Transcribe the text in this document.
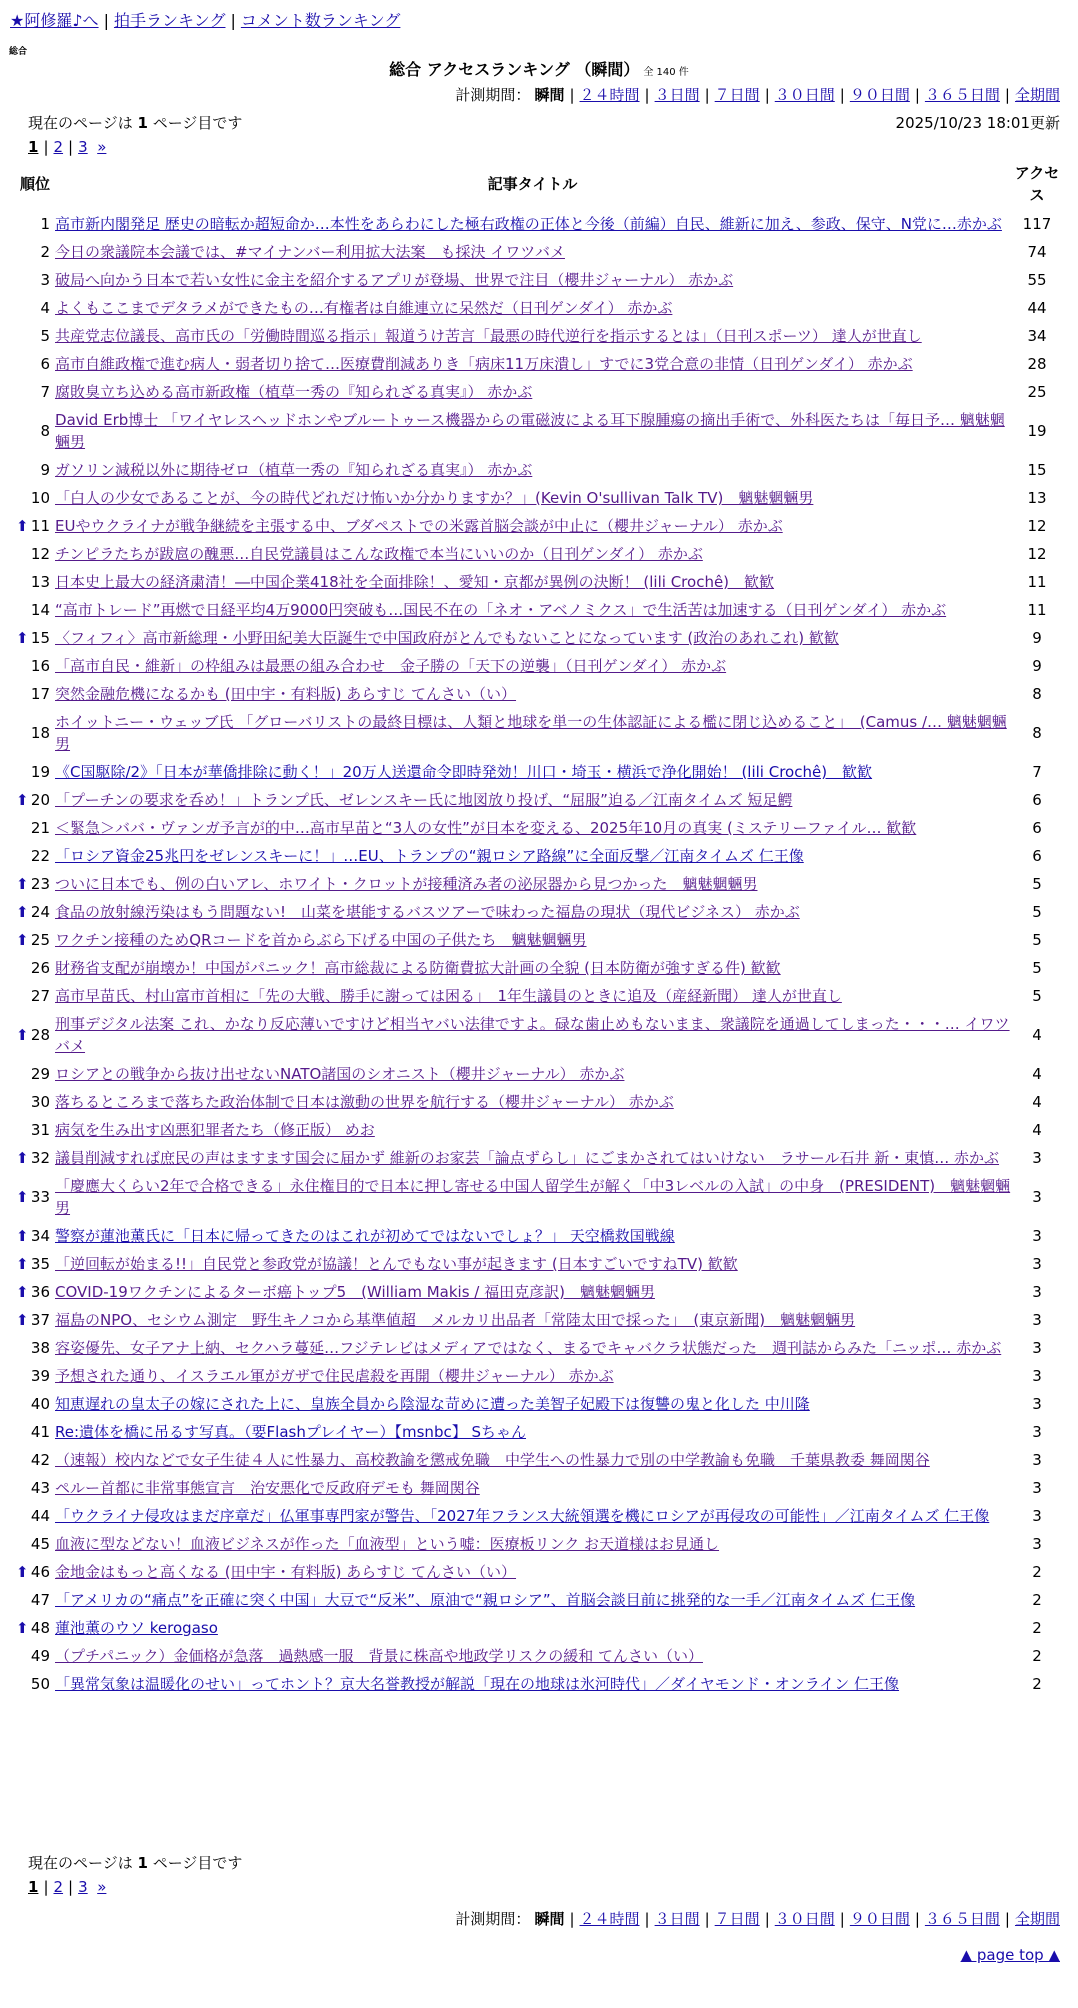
★阿修羅♪へ | 拍手ランキング | コメント数ランキング
総合
総合 アクセスランキング （瞬間） 全 140 件
計測期間： 瞬間 | ２４時間 | ３日間 | ７日間 | ３０日間 | ９０日間 | ３６５日間 | 全期間
現在のページは 1 ページ目です	2025/10/23 18:01更新
1 | 2 | 3 »
順位		記事タイトル	アクセス
	1	高市新内閣発足 歴史の暗転か超短命か…本性をあらわにした極右政権の正体と今後（前編）自民、維新に加え、参政、保守、N党に…赤かぶ	117
	2	今日の衆議院本会議では、#マイナンバー利用拡大法案　も採決 イワツバメ	74
	3	破局へ向かう日本で若い女性に金主を紹介するアプリが登場、世界で注目（櫻井ジャーナル） 赤かぶ	55
	4	よくもここまでデタラメができたもの…有権者は自維連立に呆然だ（日刊ゲンダイ） 赤かぶ	44
	5	共産党志位議長、高市氏の「労働時間巡る指示」報道うけ苦言「最悪の時代逆行を指示するとは」（日刊スポーツ） 達人が世直し	34
	6	高市自維政権で進む病人・弱者切り捨て…医療費削減ありき「病床11万床潰し」すでに3党合意の非情（日刊ゲンダイ） 赤かぶ	28
	7	腐敗臭立ち込める高市新政権（植草一秀の『知られざる真実』） 赤かぶ	25
	8	David Erb博士 「ワイヤレスヘッドホンやブルートゥース機器からの電磁波による耳下腺腫瘍の摘出手術で、外科医たちは「毎日予… 魑魅魍魎男	19
	9	ガソリン減税以外に期待ゼロ（植草一秀の『知られざる真実』） 赤かぶ	15
	10	「白人の少女であることが、今の時代どれだけ怖いか分かりますか？」(Kevin O'sullivan Talk TV)　魑魅魍魎男	13
⬆	11	EUやウクライナが戦争継続を主張する中、ブダペストでの米露首脳会談が中止に（櫻井ジャーナル） 赤かぶ	12
	12	チンピラたちが跋扈の醜悪…自民党議員はこんな政権で本当にいいのか（日刊ゲンダイ） 赤かぶ	12
	13	日本史上最大の経済粛清！―中国企業418社を全面排除！、愛知・京都が異例の決断！ (lili Crochê)　歓歓	11
	14	“高市トレード”再燃で日経平均4万9000円突破も…国民不在の「ネオ・アベノミクス」で生活苦は加速する（日刊ゲンダイ） 赤かぶ	11
⬆	15	〈フィフィ〉高市新総理・小野田紀美大臣誕生で中国政府がとんでもないことになっています (政治のあれこれ) 歓歓	9
	16	「高市自民・維新」の枠組みは最悪の組み合わせ　金子勝の「天下の逆襲」（日刊ゲンダイ） 赤かぶ	9
	17	突然金融危機になるかも (田中宇・有料版) あらすじ てんさい（い）	8
	18	ホイットニー・ウェッブ氏 「グローバリストの最終目標は、人類と地球を単一の生体認証による檻に閉じ込めること」　(Camus /… 魑魅魍魎男	8
	19	《C国駆除/2》「日本が華僑排除に動く！」20万人送還命令即時発効！川口・埼玉・横浜で浄化開始！ (lili Crochê)　歓歓	7
⬆	20	「プーチンの要求を呑め！」トランプ氏、ゼレンスキー氏に地図放り投げ、“屈服”迫る／江南タイムズ 短足鰐	6
	21	＜緊急＞ババ・ヴァンガ予言が的中…高市早苗と“3人の女性”が日本を変える、2025年10月の真実 (ミステリーファイル… 歓歓	6
	22	「ロシア資金25兆円をゼレンスキーに！」…EU、トランプの“親ロシア路線”に全面反撃／江南タイムズ 仁王像	6
⬆	23	ついに日本でも、例の白いアレ、ホワイト・クロットが接種済み者の泌尿器から見つかった　魑魅魍魎男	5
⬆	24	食品の放射線汚染はもう問題ない!　山菜を堪能するバスツアーで味わった福島の現状（現代ビジネス） 赤かぶ	5
⬆	25	ワクチン接種のためQRコードを首からぶら下げる中国の子供たち　魑魅魍魎男	5
	26	財務省支配が崩壊か！中国がパニック！高市総裁による防衛費拡大計画の全貌 (日本防衛が強すぎる件) 歓歓	5
	27	高市早苗氏、村山富市首相に「先の大戦、勝手に謝っては困る」　1年生議員のときに追及（産経新聞） 達人が世直し	5
⬆	28	刑事デジタル法案 これ、かなり反応薄いですけど相当ヤバい法律ですよ。碌な歯止めもないまま、衆議院を通過してしまった・・・… イワツバメ	4
	29	ロシアとの戦争から抜け出せないNATO諸国のシオニスト（櫻井ジャーナル） 赤かぶ	4
	30	落ちるところまで落ちた政治体制で日本は激動の世界を航行する（櫻井ジャーナル） 赤かぶ	4
	31	病気を生み出す凶悪犯罪者たち（修正版） めお	4
⬆	32	議員削減すれば庶民の声はますます国会に届かず 維新のお家芸「論点ずらし」にごまかされてはいけない　ラサール石井 新・東慎… 赤かぶ	3
⬆	33	「慶應大くらい2年で合格できる」永住権目的で日本に押し寄せる中国人留学生が解く「中3レベルの入試」の中身　(PRESIDENT)　魑魅魍魎男	3
⬆	34	警察が蓮池薫氏に「日本に帰ってきたのはこれが初めてではないでしょ？」 天空橋救国戦線	3
⬆	35	「逆回転が始まる!!」自民党と参政党が協議！とんでもない事が起きます (日本すごいですねTV) 歓歓	3
⬆	36	COVID-19ワクチンによるターボ癌トップ5　(William Makis / 福田克彦訳)　魑魅魍魎男	3
⬆	37	福島のNPO、セシウム測定　野生キノコから基準値超　メルカリ出品者「常陸太田で採った」　(東京新聞)　魑魅魍魎男	3
	38	容姿優先、女子アナ上納、セクハラ蔓延…フジテレビはメディアではなく、まるでキャバクラ状態だった　週刊誌からみた「ニッポ… 赤かぶ	3
	39	予想された通り、イスラエル軍がガザで住民虐殺を再開（櫻井ジャーナル） 赤かぶ	3
	40	知恵遅れの皇太子の嫁にされた上に、皇族全員から陰湿な苛めに遭った美智子妃殿下は復讐の鬼と化した 中川隆	3
	41	Re:遺体を橋に吊るす写真。（要Flashプレイヤー）【msnbc】 Sちゃん	3
	42	（速報）校内などで女子生徒４人に性暴力、高校教諭を懲戒免職　中学生への性暴力で別の中学教諭も免職　千葉県教委 舞岡関谷	3
	43	ペルー首都に非常事態宣言　治安悪化で反政府デモも 舞岡関谷	3
	44	「ウクライナ侵攻はまだ序章だ」仏軍事専門家が警告、「2027年フランス大統領選を機にロシアが再侵攻の可能性」／江南タイムズ 仁王像	3
	45	血液に型などない！血液ビジネスが作った「血液型」という嘘：医療板リンク お天道様はお見通し	3
⬆	46	金地金はもっと高くなる (田中宇・有料版) あらすじ てんさい（い）	2
	47	「アメリカの“痛点”を正確に突く中国」大豆で“反米”、原油で“親ロシア”、首脳会談目前に挑発的な一手／江南タイムズ 仁王像	2
⬆	48	蓮池薫のウソ kerogaso	2
	49	（プチパニック）金価格が急落　過熱感一服　背景に株高や地政学リスクの緩和 てんさい（い）	2
	50	「異常気象は温暖化のせい」ってホント？京大名誉教授が解説「現在の地球は氷河時代」／ダイヤモンド・オンライン 仁王像	2
現在のページは 1 ページ目です
1 | 2 | 3 »
計測期間： 瞬間 | ２４時間 | ３日間 | ７日間 | ３０日間 | ９０日間 | ３６５日間 | 全期間
▲ page top ▲
